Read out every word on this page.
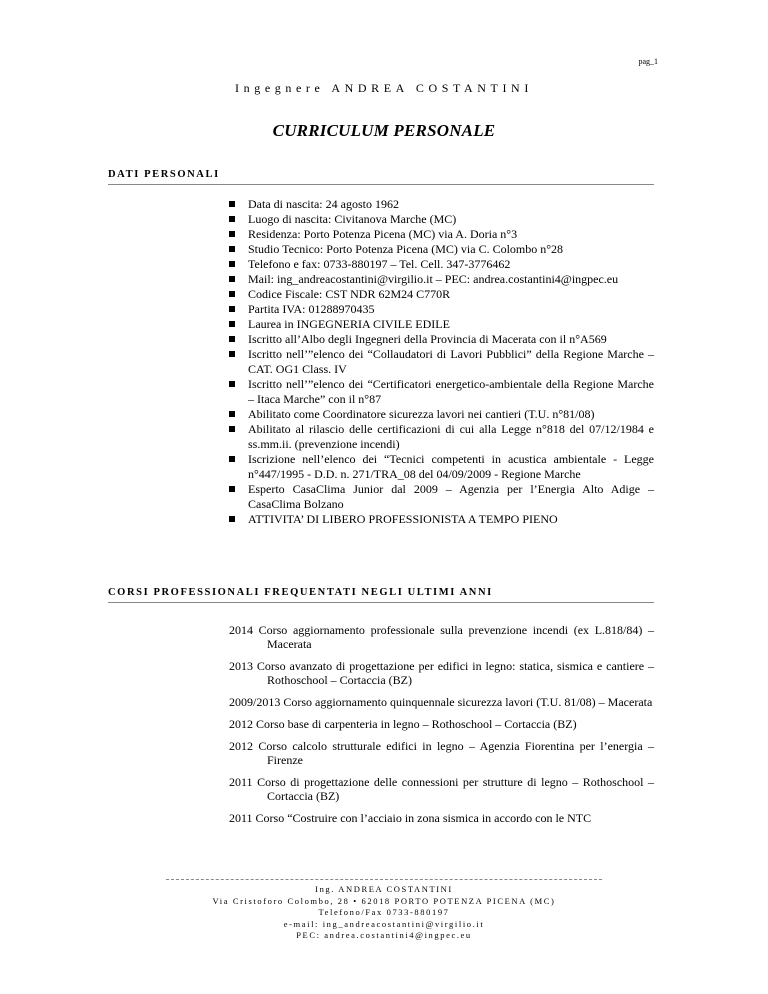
pag_1
Ingegnere ANDREA COSTANTINI
CURRICULUM PERSONALE
DATI PERSONALI
Data di nascita: 24 agosto 1962
Luogo di nascita: Civitanova Marche (MC)
Residenza: Porto Potenza Picena (MC) via A. Doria n°3
Studio Tecnico: Porto Potenza Picena (MC) via C. Colombo n°28
Telefono e fax: 0733-880197 – Tel. Cell. 347-3776462
Mail: ing_andreacostantini@virgilio.it – PEC: andrea.costantini4@ingpec.eu
Codice Fiscale: CST NDR 62M24 C770R
Partita IVA: 01288970435
Laurea in INGEGNERIA CIVILE EDILE
Iscritto all’Albo degli Ingegneri della Provincia di Macerata con il n°A569
Iscritto nell’”elenco dei “Collaudatori di Lavori Pubblici” della Regione Marche – CAT. OG1 Class. IV
Iscritto nell’”elenco dei “Certificatori energetico-ambientale della Regione Marche – Itaca Marche” con il n°87
Abilitato come Coordinatore sicurezza lavori nei cantieri (T.U. n°81/08)
Abilitato al rilascio delle certificazioni di cui alla Legge n°818 del 07/12/1984 e ss.mm.ii. (prevenzione incendi)
Iscrizione nell’elenco dei “Tecnici competenti in acustica ambientale - Legge n°447/1995 - D.D. n. 271/TRA_08 del 04/09/2009 - Regione Marche
Esperto CasaClima Junior dal 2009 – Agenzia per l’Energia Alto Adige – CasaClima Bolzano
ATTIVITA’ DI LIBERO PROFESSIONISTA A TEMPO PIENO
CORSI PROFESSIONALI FREQUENTATI NEGLI ULTIMI ANNI
2014 Corso aggiornamento professionale sulla prevenzione incendi (ex L.818/84) – Macerata
2013 Corso avanzato di progettazione per edifici in legno: statica, sismica e cantiere – Rothoschool – Cortaccia (BZ)
2009/2013 Corso aggiornamento quinquennale sicurezza lavori (T.U. 81/08) – Macerata
2012 Corso base di carpenteria in legno – Rothoschool – Cortaccia (BZ)
2012 Corso calcolo strutturale edifici in legno – Agenzia Fiorentina per l’energia – Firenze
2011 Corso di progettazione delle connessioni per strutture di legno – Rothoschool – Cortaccia (BZ)
2011 Corso “Costruire con l’acciaio in zona sismica in accordo con le NTC
Ing. ANDREA COSTANTINI
Via Cristoforo Colombo, 28 • 62018 PORTO POTENZA PICENA (MC)
Telefono/Fax 0733-880197
e-mail: ing_andreacostantini@virgilio.it
PEC: andrea.costantini4@ingpec.eu
